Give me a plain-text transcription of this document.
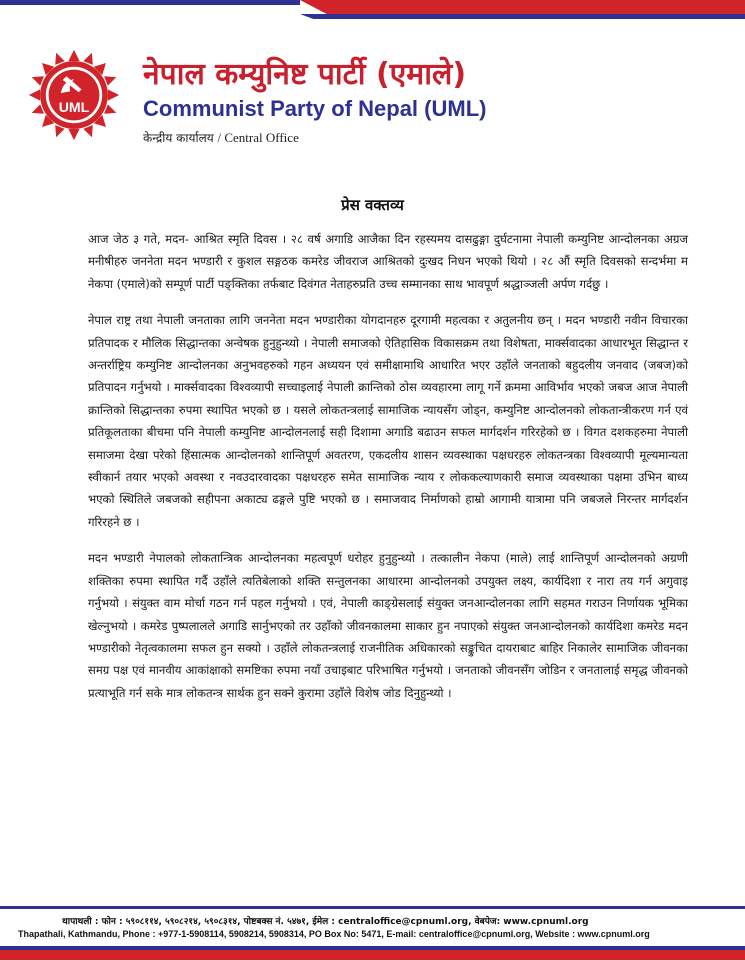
UML
नेपाल कम्युनिष्ट पार्टी (एमाले)
Communist Party of Nepal (UML)
केन्द्रीय कार्यालय / Central Office
प्रेस वक्तव्य

आज जेठ ३ गते, मदन- आश्रित स्मृति दिवस । २८ वर्ष अगाडि आजैका दिन रहस्यमय दासढुङ्गा दुर्घटनामा नेपाली कम्युनिष्ट आन्दोलनका अग्रज मनीषीहरु जननेता मदन भण्डारी र कुशल सङ्गठक कमरेड जीवराज आश्रितको दुःखद निधन भएको थियो । २८ औं स्मृति दिवसको सन्दर्भमा म नेकपा (एमाले)को सम्पूर्ण पार्टी पङ्क्तिका तर्फबाट दिवंगत नेताहरुप्रति उच्च सम्मानका साथ भावपूर्ण श्रद्धाञ्जली अर्पण गर्दछु ।

नेपाल राष्ट्र तथा नेपाली जनताका लागि जननेता मदन भण्डारीका योगदानहरु दूरगामी महत्वका र अतुलनीय छन् । मदन भण्डारी नवीन विचारका प्रतिपादक र मौलिक सिद्धान्तका अन्वेषक हुनुहुन्थ्यो । नेपाली समाजको ऐतिहासिक विकासक्रम तथा विशेषता, मार्क्सवादका आधारभूत सिद्धान्त र अन्तर्राष्ट्रिय कम्युनिष्ट आन्दोलनका अनुभवहरुको गहन अध्ययन एवं समीक्षामाथि आधारित भएर उहाँले जनताको बहुदलीय जनवाद (जबज)को प्रतिपादन गर्नुभयो । मार्क्सवादका विश्वव्यापी सच्चाइलाई नेपाली क्रान्तिको ठोस व्यवहारमा लागू गर्ने क्रममा आविर्भाव भएको जबज आज नेपाली क्रान्तिको सिद्धान्तका रुपमा स्थापित भएको छ । यसले लोकतन्त्रलाई सामाजिक न्यायसँग जोड्न, कम्युनिष्ट आन्दोलनको लोकतान्त्रीकरण गर्न एवं प्रतिकूलताका बीचमा पनि नेपाली कम्युनिष्ट आन्दोलनलाई सही दिशामा अगाडि बढाउन सफल मार्गदर्शन गरिरहेको छ । विगत दशकहरुमा नेपाली समाजमा देखा परेको हिंसात्मक आन्दोलनको शान्तिपूर्ण अवतरण, एकदलीय शासन व्यवस्थाका पक्षधरहरु लोकतन्त्रका विश्वव्यापी मूल्यमान्यता स्वीकार्न तयार भएको अवस्था र नवउदारवादका पक्षधरहरु समेत सामाजिक न्याय र लोककल्याणकारी समाज व्यवस्थाका पक्षमा उभिन बाध्य भएको स्थितिले जबजको सहीपना अकाट्य ढङ्गले पुष्टि भएको छ । समाजवाद निर्माणको हाम्रो आगामी यात्रामा पनि जबजले निरन्तर मार्गदर्शन गरिरहने छ ।

मदन भण्डारी नेपालको लोकतान्त्रिक आन्दोलनका महत्वपूर्ण धरोहर हुनुहुन्थ्यो । तत्कालीन नेकपा (माले) लाई शान्तिपूर्ण आन्दोलनको अग्रणी शक्तिका रुपमा स्थापित गर्दै उहाँले त्यतिबेलाको शक्ति सन्तुलनका आधारमा आन्दोलनको उपयुक्त लक्ष्य, कार्यदिशा र नारा तय गर्न अगुवाइ गर्नुभयो । संयुक्त वाम मोर्चा गठन गर्न पहल गर्नुभयो । एवं, नेपाली काङ्ग्रेसलाई संयुक्त जनआन्दोलनका लागि सहमत गराउन निर्णायक भूमिका खेल्नुभयो । कमरेड पुष्पलालले अगाडि सार्नुभएको तर उहाँको जीवनकालमा साकार हुन नपाएको संयुक्त जनआन्दोलनको कार्यदिशा कमरेड मदन भण्डारीको नेतृत्वकालमा सफल हुन सक्यो । उहाँले लोकतन्त्रलाई राजनीतिक अधिकारको सङ्कुचित दायराबाट बाहिर निकालेर सामाजिक जीवनका समग्र पक्ष एवं मानवीय आकांक्षाको समष्टिका रुपमा नयाँ उचाइबाट परिभाषित गर्नुभयो । जनताको जीवनसँग जोडिन र जनतालाई समृद्ध जीवनको प्रत्याभूति गर्न सके मात्र लोकतन्त्र सार्थक हुन सक्ने कुरामा उहाँले विशेष जोड दिनुहुन्थ्यो ।

थापाथली : फोन : ५९०८११४, ५९०८२१४, ५९०८३१४, पोष्टबक्स नं. ५४७१, ईमेल : centraloffice@cpnuml.org, वेबपेज: www.cpnuml.org
Thapathali, Kathmandu, Phone : +977-1-5908114, 5908214, 5908314, PO Box No: 5471, E-mail: centraloffice@cpnuml.org, Website : www.cpnuml.org
